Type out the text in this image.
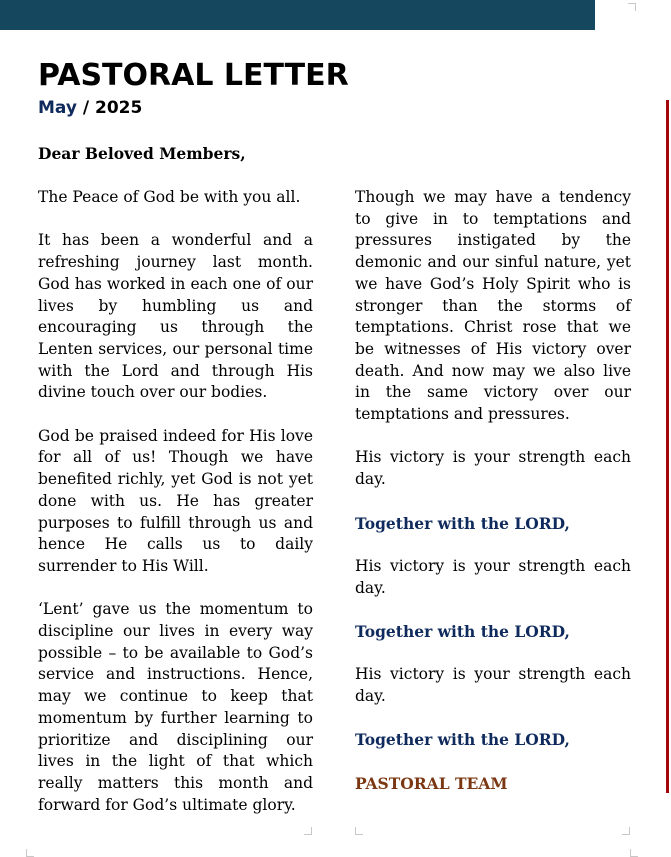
PASTORAL LETTER
May / 2025

Dear Beloved Members,

The Peace of God be with you all.

It has been a wonderful and a refreshing journey last month. God has worked in each one of our lives by humbling us and encouraging us through the Lenten services, our personal time with the Lord and through His divine touch over our bodies.

God be praised indeed for His love for all of us! Though we have benefited richly, yet God is not yet done with us. He has greater purposes to fulfill through us and hence He calls us to daily surrender to His Will.

‘Lent’ gave us the momentum to discipline our lives in every way possible – to be available to God’s service and instructions. Hence, may we continue to keep that momentum by further learning to prioritize and disciplining our lives in the light of that which really matters this month and forward for God’s ultimate glory.

Though we may have a tendency to give in to temptations and pressures instigated by the demonic and our sinful nature, yet we have God’s Holy Spirit who is stronger than the storms of temptations. Christ rose that we be witnesses of His victory over death. And now may we also live in the same victory over our temptations and pressures.

His victory is your strength each day.

Together with the LORD,

His victory is your strength each day.

Together with the LORD,

His victory is your strength each day.

Together with the LORD,

PASTORAL TEAM
